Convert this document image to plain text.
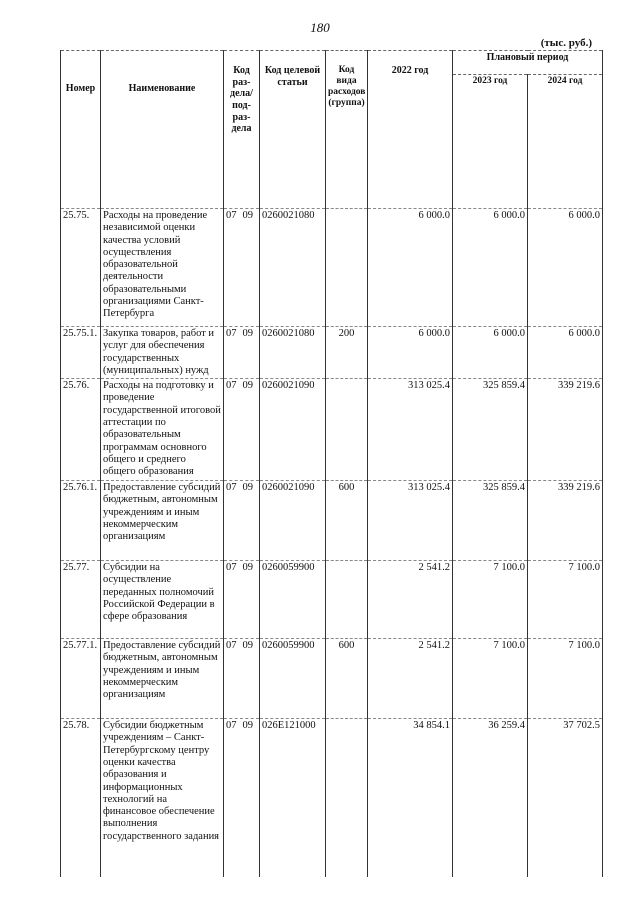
180
(тыс. руб.)
Номер	Наименование	Код раз-дела/ под-раз-дела	Код целевой статьи	Код вида расходов (группа)	2022 год	Плановый период	
						2023 год	2024 год

25.75.	Расходы на проведение независимой оценки качества условий осуществления образовательной деятельности образовательными организациями Санкт-Петербурга	07 09	0260021080		6 000.0	6 000.0	6 000.0
25.75.1.	Закупка товаров, работ и услуг для обеспечения государственных (муниципальных) нужд	07 09	0260021080	200	6 000.0	6 000.0	6 000.0
25.76.	Расходы на подготовку и проведение государственной итоговой аттестации по образовательным программам основного общего и среднего общего образования	07 09	0260021090		313 025.4	325 859.4	339 219.6
25.76.1.	Предоставление субсидий бюджетным, автономным учреждениям и иным некоммерческим организациям	07 09	0260021090	600	313 025.4	325 859.4	339 219.6
25.77.	Субсидии на осуществление переданных полномочий Российской Федерации в сфере образования	07 09	0260059900		2 541.2	7 100.0	7 100.0
25.77.1.	Предоставление субсидий бюджетным, автономным учреждениям и иным некоммерческим организациям	07 09	0260059900	600	2 541.2	7 100.0	7 100.0
25.78.	Субсидии бюджетным учреждениям – Санкт-Петербургскому центру оценки качества образования и информационных технологий на финансовое обеспечение выполнения государственного задания	07 09	026E121000		34 854.1	36 259.4	37 702.5
